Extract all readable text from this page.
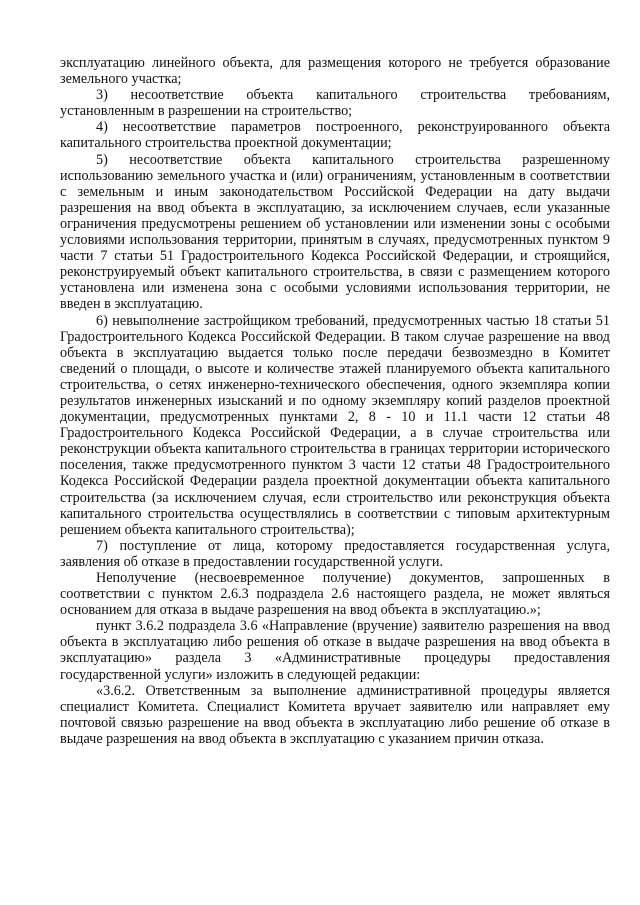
эксплуатацию линейного объекта, для размещения которого не требуется образование земельного участка;

3) несоответствие объекта капитального строительства требованиям, установленным в разрешении на строительство;

4) несоответствие параметров построенного, реконструированного объекта капитального строительства проектной документации;

5) несоответствие объекта капитального строительства разрешенному использованию земельного участка и (или) ограничениям, установленным в соответствии с земельным и иным законодательством Российской Федерации на дату выдачи разрешения на ввод объекта в эксплуатацию, за исключением случаев, если указанные ограничения предусмотрены решением об установлении или изменении зоны с особыми условиями использования территории, принятым в случаях, предусмотренных пунктом 9 части 7 статьи 51 Градостроительного Кодекса Российской Федерации, и строящийся, реконструируемый объект капитального строительства, в связи с размещением которого установлена или изменена зона с особыми условиями использования территории, не введен в эксплуатацию.

6) невыполнение застройщиком требований, предусмотренных частью 18 статьи 51 Градостроительного Кодекса Российской Федерации. В таком случае разрешение на ввод объекта в эксплуатацию выдается только после передачи безвозмездно в Комитет сведений о площади, о высоте и количестве этажей планируемого объекта капитального строительства, о сетях инженерно-технического обеспечения, одного экземпляра копии результатов инженерных изысканий и по одному экземпляру копий разделов проектной документации, предусмотренных пунктами 2, 8 - 10 и 11.1 части 12 статьи 48 Градостроительного Кодекса Российской Федерации, а в случае строительства или реконструкции объекта капитального строительства в границах территории исторического поселения, также предусмотренного пунктом 3 части 12 статьи 48 Градостроительного Кодекса Российской Федерации раздела проектной документации объекта капитального строительства (за исключением случая, если строительство или реконструкция объекта капитального строительства осуществлялись в соответствии с типовым архитектурным решением объекта капитального строительства);

7) поступление от лица, которому предоставляется государственная услуга, заявления об отказе в предоставлении государственной услуги.

Неполучение (несвоевременное получение) документов, запрошенных в соответствии с пунктом 2.6.3 подраздела 2.6 настоящего раздела, не может являться основанием для отказа в выдаче разрешения на ввод объекта в эксплуатацию.»;

пункт 3.6.2 подраздела 3.6 «Направление (вручение) заявителю разрешения на ввод объекта в эксплуатацию либо решения об отказе в выдаче разрешения на ввод объекта в эксплуатацию» раздела 3 «Административные процедуры предоставления государственной услуги» изложить в следующей редакции:

«3.6.2. Ответственным за выполнение административной процедуры является специалист Комитета. Специалист Комитета вручает заявителю или направляет ему почтовой связью разрешение на ввод объекта в эксплуатацию либо решение об отказе в выдаче разрешения на ввод объекта в эксплуатацию с указанием причин отказа.
